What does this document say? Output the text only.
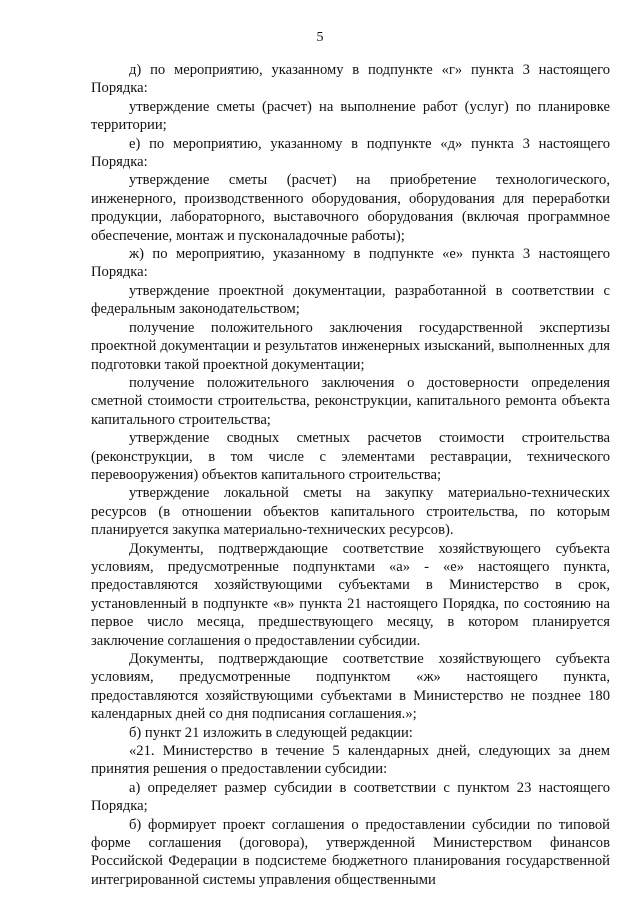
5

д) по мероприятию, указанному в подпункте «г» пункта 3 настоящего Порядка:

утверждение сметы (расчет) на выполнение работ (услуг) по планировке территории;

е) по мероприятию, указанному в подпункте «д» пункта 3 настоящего Порядка:

утверждение сметы (расчет) на приобретение технологического, инженерного, производственного оборудования, оборудования для переработки продукции, лабораторного, выставочного оборудования (включая программное обеспечение, монтаж и пусконаладочные работы);

ж) по мероприятию, указанному в подпункте «е» пункта 3 настоящего Порядка:

утверждение проектной документации, разработанной в соответствии с федеральным законодательством;

получение положительного заключения государственной экспертизы проектной документации и результатов инженерных изысканий, выполненных для подготовки такой проектной документации;

получение положительного заключения о достоверности определения сметной стоимости строительства, реконструкции, капитального ремонта объекта капитального строительства;

утверждение сводных сметных расчетов стоимости строительства (реконструкции, в том числе с элементами реставрации, технического перевооружения) объектов капитального строительства;

утверждение локальной сметы на закупку материально-технических ресурсов (в отношении объектов капитального строительства, по которым планируется закупка материально-технических ресурсов).

Документы, подтверждающие соответствие хозяйствующего субъекта условиям, предусмотренные подпунктами «а» - «е» настоящего пункта, предоставляются хозяйствующими субъектами в Министерство в срок, установленный в подпункте «в» пункта 21 настоящего Порядка, по состоянию на первое число месяца, предшествующего месяцу, в котором планируется заключение соглашения о предоставлении субсидии.

Документы, подтверждающие соответствие хозяйствующего субъекта условиям, предусмотренные подпунктом «ж» настоящего пункта, предоставляются хозяйствующими субъектами в Министерство не позднее 180 календарных дней со дня подписания соглашения.»;

б) пункт 21 изложить в следующей редакции:

«21. Министерство в течение 5 календарных дней, следующих за днем принятия решения о предоставлении субсидии:

а) определяет размер субсидии в соответствии с пунктом 23 настоящего Порядка;

б) формирует проект соглашения о предоставлении субсидии по типовой форме соглашения (договора), утвержденной Министерством финансов Российской Федерации в подсистеме бюджетного планирования государственной интегрированной системы управления общественными
